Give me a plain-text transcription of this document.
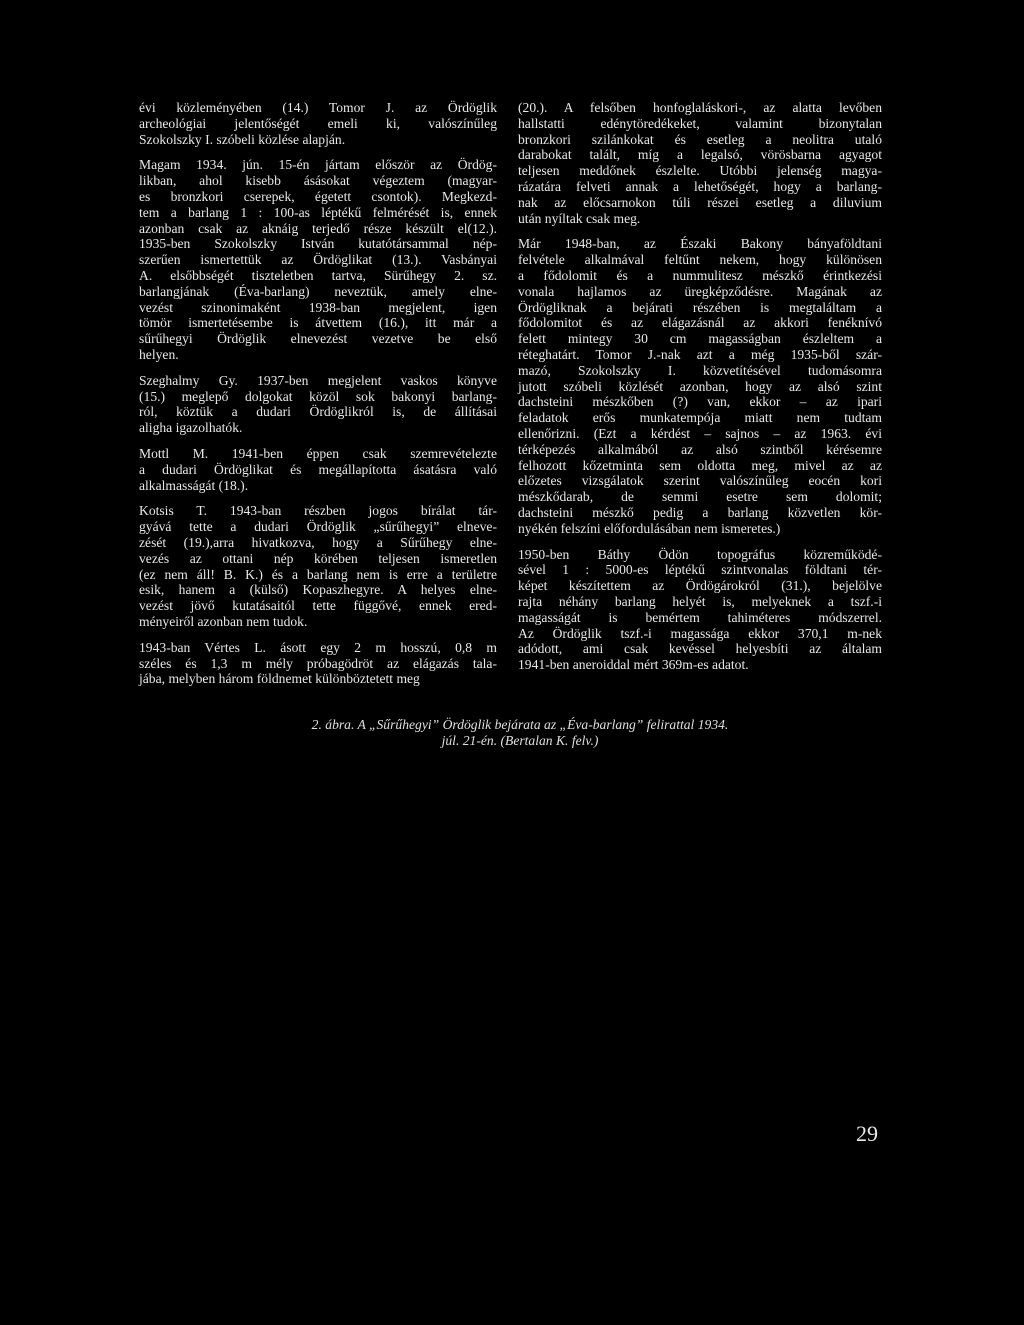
évi közleményében (14.) Tomor J. az Ördöglik
archeológiai jelentőségét emeli ki, valószínűleg
Szokolszky I. szóbeli közlése alapján.
Magam 1934. jún. 15-én jártam először az Ördög-
likban, ahol kisebb ásásokat végeztem (magyar-
es bronzkori cserepek, égetett csontok). Megkezd-
tem a barlang 1 : 100-as léptékű felmérését is, ennek
azonban csak az aknáig terjedő része készült el(12.).
1935-ben Szokolszky István kutatótársammal nép-
szerűen ismertettük az Ördöglikat (13.). Vasbányai
A. elsőbbségét tiszteletben tartva, Sürűhegy 2. sz.
barlangjának (Éva-barlang) neveztük, amely elne-
vezést szinonimaként 1938-ban megjelent, igen
tömör ismertetésembe is átvettem (16.), itt már a
sűrűhegyi Ördöglik elnevezést vezetve be első
helyen.
Szeghalmy Gy. 1937-ben megjelent vaskos könyve
(15.) meglepő dolgokat közöl sok bakonyi barlang-
ról, köztük a dudari Ördöglikról is, de állításai
aligha igazolhatók.
Mottl M. 1941-ben éppen csak szemrevételezte
a dudari Ördöglikat és megállapította ásatásra való
alkalmasságát (18.).
Kotsis T. 1943-ban részben jogos bírálat tár-
gyává tette a dudari Ördöglik „sűrűhegyi” elneve-
zését (19.),arra hivatkozva, hogy a Sűrűhegy elne-
vezés az ottani nép körében teljesen ismeretlen
(ez nem áll! B. K.) és a barlang nem is erre a területre
esik, hanem a (külső) Kopaszhegyre. A helyes elne-
vezést jövő kutatásaitól tette függővé, ennek ered-
ményeiről azonban nem tudok.
1943-ban Vértes L. ásott egy 2 m hosszú, 0,8 m
széles és 1,3 m mély próbagödröt az elágazás tala-
jába, melyben három földnemet különböztetett meg
(20.). A felsőben honfoglaláskori-, az alatta levőben
hallstatti edénytöredékeket, valamint bizonytalan
bronzkori szilánkokat és esetleg a neolitra utaló
darabokat talált, míg a legalsó, vörösbarna agyagot
teljesen meddőnek észlelte. Utóbbi jelenség magya-
rázatára felveti annak a lehetőségét, hogy a barlang-
nak az előcsarnokon túli részei esetleg a diluvium
után nyíltak csak meg.
Már 1948-ban, az Északi Bakony bányaföldtani
felvétele alkalmával feltűnt nekem, hogy különösen
a fődolomit és a nummulitesz mészkő érintkezési
vonala hajlamos az üregképződésre. Magának az
Ördögliknak a bejárati részében is megtaláltam a
fődolomitot és az elágazásnál az akkori fenéknívó
felett mintegy 30 cm magasságban észleltem a
réteghatárt. Tomor J.-nak azt a még 1935-ből szár-
mazó, Szokolszky I. közvetítésével tudomásomra
jutott szóbeli közlését azonban, hogy az alsó szint
dachsteini mészkőben (?) van, ekkor – az ipari
feladatok erős munkatempója miatt nem tudtam
ellenőrizni. (Ezt a kérdést – sajnos – az 1963. évi
térképezés alkalmából az alsó szintből kérésemre
felhozott kőzetminta sem oldotta meg, mivel az az
előzetes vizsgálatok szerint valószínűleg eocén kori
mészkődarab, de semmi esetre sem dolomit;
dachsteini mészkő pedig a barlang közvetlen kör-
nyékén felszíni előfordulásában nem ismeretes.)
1950-ben Báthy Ödön topográfus közreműködé-
sével 1 : 5000-es léptékű szintvonalas földtani tér-
képet készítettem az Ördögárokról (31.), bejelölve
rajta néhány barlang helyét is, melyeknek a tszf.-i
magasságát is bemértem tahiméteres módszerrel.
Az Ördöglik tszf.-i magassága ekkor 370,1 m-nek
adódott, ami csak kevéssel helyesbíti az általam
1941-ben aneroiddal mért 369m-es adatot.
2. ábra. A „Sűrűhegyi” Ördöglik bejárata az „Éva-barlang” felirattal 1934.
júl. 21-én. (Bertalan K. felv.)
29
